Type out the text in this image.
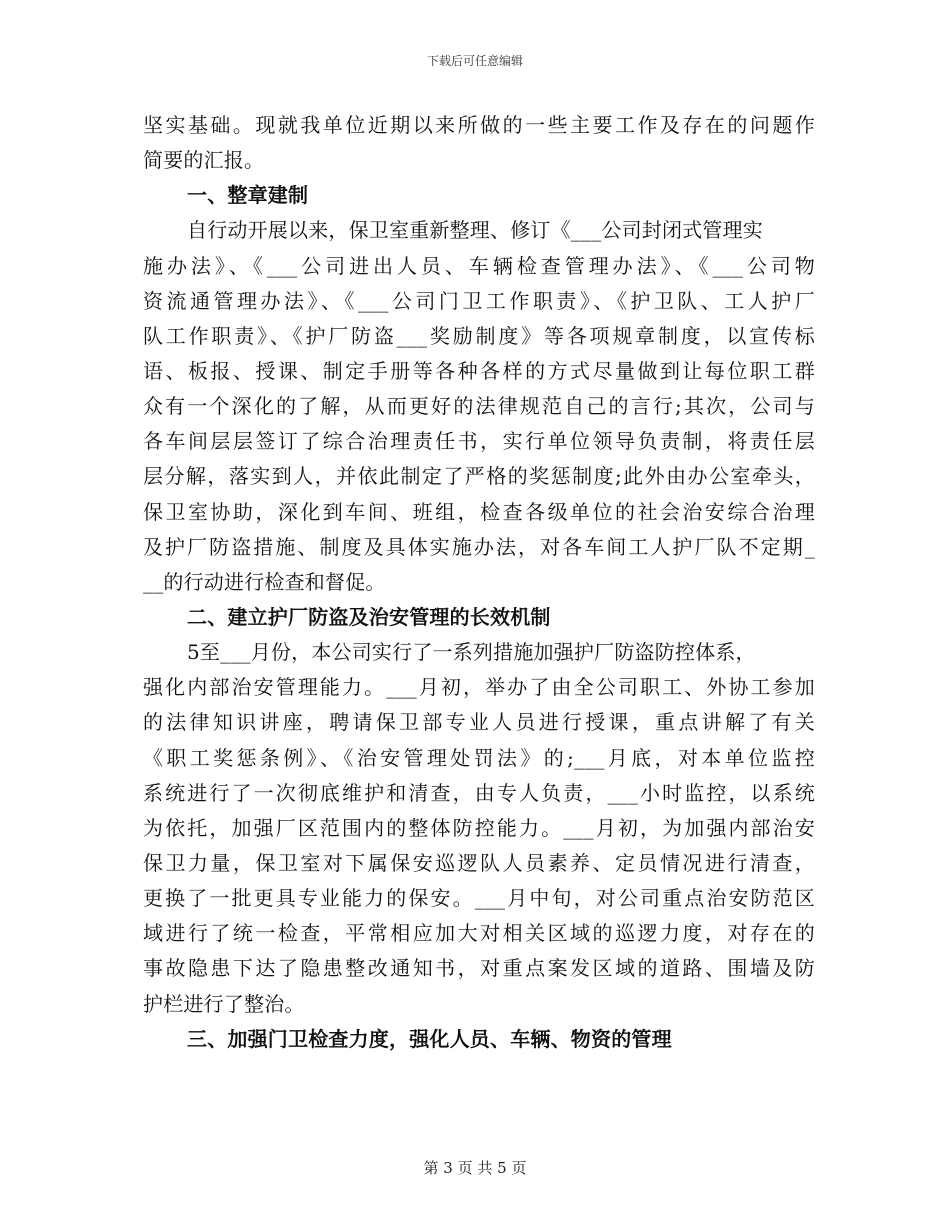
下载后可任意编辑
坚实基础。现就我单位近期以来所做的一些主要工作及存在的问题作
简要的汇报。
一、整章建制
自行动开展以来，保卫室重新整理、修订《___公司封闭式管理实
施办法》、《___公司进出人员、车辆检查管理办法》、《___公司物
资流通管理办法》、《___公司门卫工作职责》、《护卫队、工人护厂
队工作职责》、《护厂防盗___奖励制度》等各项规章制度，以宣传标
语、板报、授课、制定手册等各种各样的方式尽量做到让每位职工群
众有一个深化的了解，从而更好的法律规范自己的言行;其次，公司与
各车间层层签订了综合治理责任书，实行单位领导负责制，将责任层
层分解，落实到人，并依此制定了严格的奖惩制度;此外由办公室牵头，
保卫室协助，深化到车间、班组，检查各级单位的社会治安综合治理
及护厂防盗措施、制度及具体实施办法，对各车间工人护厂队不定期_
__的行动进行检查和督促。
二、建立护厂防盗及治安管理的长效机制
5至___月份，本公司实行了一系列措施加强护厂防盗防控体系，
强化内部治安管理能力。___月初，举办了由全公司职工、外协工参加
的法律知识讲座，聘请保卫部专业人员进行授课，重点讲解了有关
《职工奖惩条例》、《治安管理处罚法》的;___月底，对本单位监控
系统进行了一次彻底维护和清查，由专人负责，___小时监控，以系统
为依托，加强厂区范围内的整体防控能力。___月初，为加强内部治安
保卫力量，保卫室对下属保安巡逻队人员素养、定员情况进行清查，
更换了一批更具专业能力的保安。___月中旬，对公司重点治安防范区
域进行了统一检查，平常相应加大对相关区域的巡逻力度，对存在的
事故隐患下达了隐患整改通知书，对重点案发区域的道路、围墙及防
护栏进行了整治。
三、加强门卫检查力度，强化人员、车辆、物资的管理
第 3 页 共 5 页
